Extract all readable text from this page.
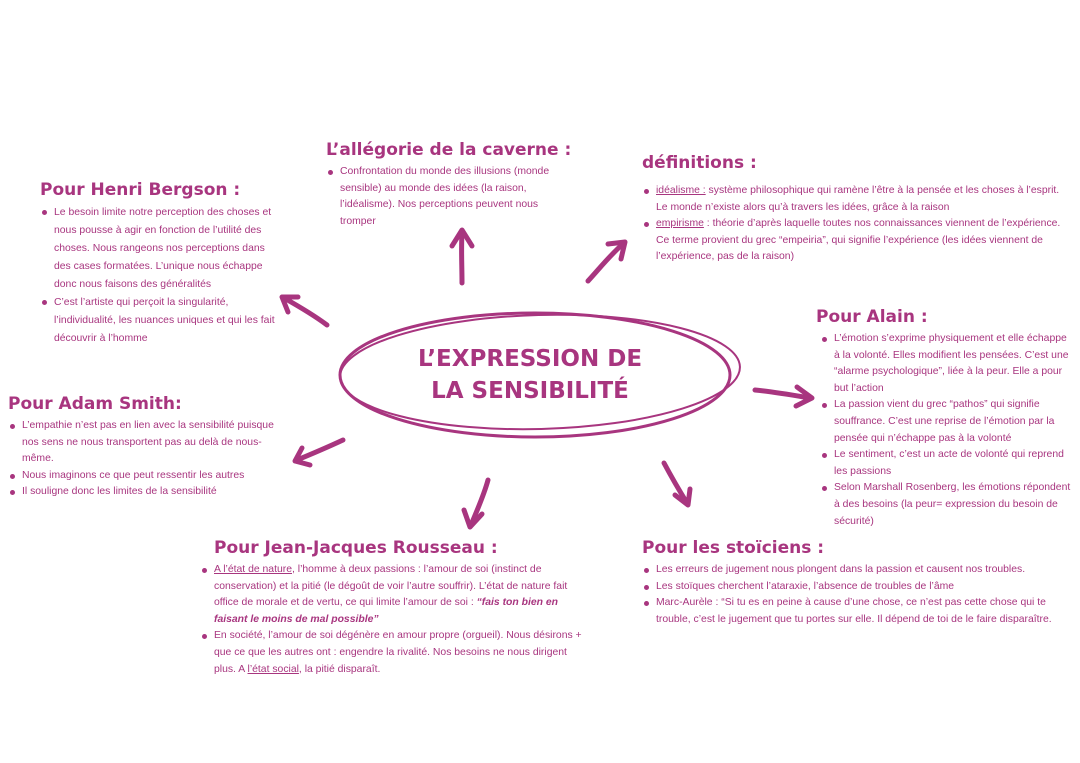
L’EXPRESSION DE
LA SENSIBILITÉ
L’allégorie de la caverne :
Confrontation du monde des illusions (monde sensible) au monde des idées (la raison, l’idéalisme). Nos perceptions peuvent nous tromper
définitions :
idéalisme : système philosophique qui ramène l’être à la pensée et les choses à l’esprit. Le monde n’existe alors qu’à travers les idées, grâce à la raison
empirisme : théorie d’après laquelle toutes nos connaissances viennent de l’expérience. Ce terme provient du grec “empeiria”, qui signifie l’expérience (les idées viennent de l’expérience, pas de la raison)
Pour Henri Bergson :
Le besoin limite notre perception des choses et nous pousse à agir en fonction de l’utilité des choses. Nous rangeons nos perceptions dans des cases formatées. L’unique nous échappe donc nous faisons des généralités
C’est l’artiste qui perçoit la singularité, l’individualité, les nuances uniques et qui les fait découvrir à l’homme
Pour Adam Smith:
L’empathie n’est pas en lien avec la sensibilité puisque nos sens ne nous transportent pas au delà de nous-même.
Nous imaginons ce que peut ressentir les autres
Il souligne donc les limites de la sensibilité
Pour Alain :
L’émotion s’exprime physiquement et elle échappe à la volonté. Elles modifient les pensées. C’est une “alarme psychologique”, liée à la peur. Elle a pour but l’action
La passion vient du grec “pathos” qui signifie souffrance. C’est une reprise de l’émotion par la pensée qui n’échappe pas à la volonté
Le sentiment, c’est un acte de volonté qui reprend les passions
Selon Marshall Rosenberg, les émotions répondent à des besoins (la peur= expression du besoin de sécurité)
Pour Jean-Jacques Rousseau :
A l’état de nature, l’homme à deux passions : l’amour de soi (instinct de conservation) et la pitié (le dégoût de voir l’autre souffrir). L’état de nature fait office de morale et de vertu, ce qui limite l’amour de soi : “fais ton bien en faisant le moins de mal possible”
En société, l’amour de soi dégénère en amour propre (orgueil). Nous désirons + que ce que les autres ont : engendre la rivalité. Nos besoins ne nous dirigent plus. A l’état social, la pitié disparaît.
Pour les stoïciens :
Les erreurs de jugement nous plongent dans la passion et causent nos troubles.
Les stoïques cherchent l’ataraxie, l’absence de troubles de l’âme
Marc-Aurèle : “Si tu es en peine à cause d’une chose, ce n’est pas cette chose qui te trouble, c’est le jugement que tu portes sur elle. Il dépend de toi de le faire disparaître.
